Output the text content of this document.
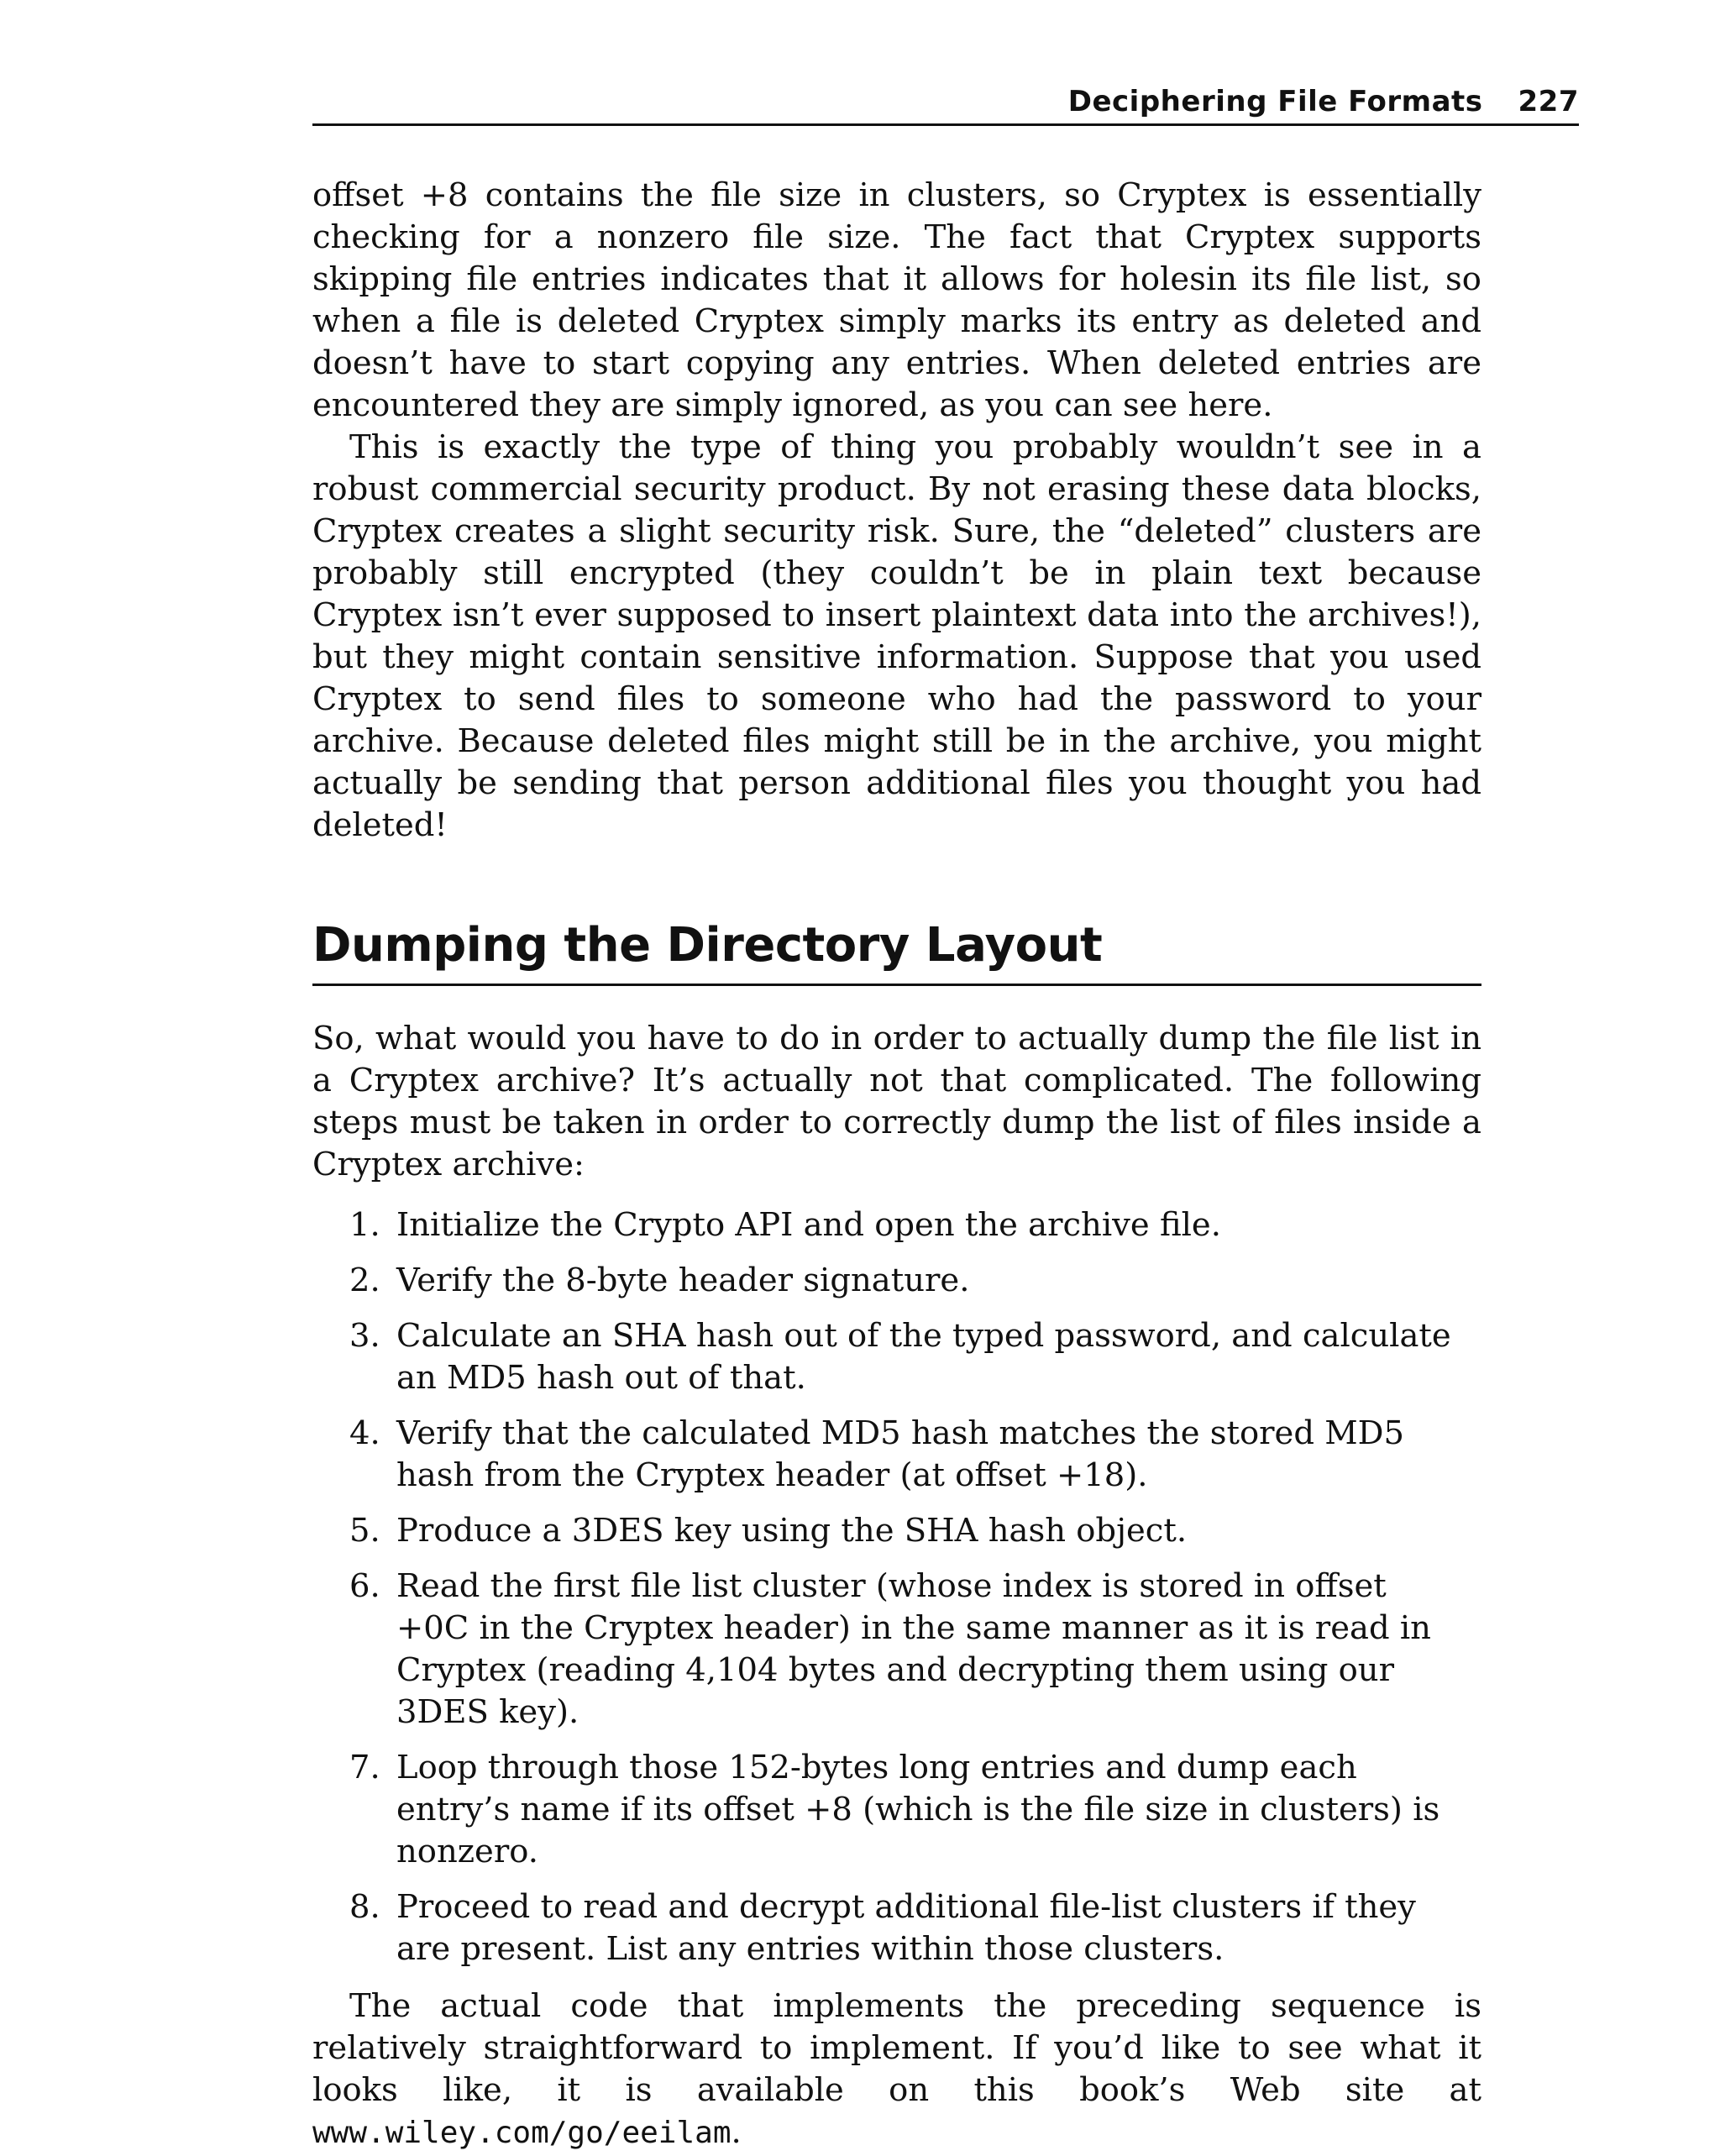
Deciphering File Formats 227

offset +8 contains the file size in clusters, so Cryptex is essentially checking for a nonzero file size. The fact that Cryptex supports skipping file entries indicates that it allows for holesin its file list, so when a file is deleted Cryptex simply marks its entry as deleted and doesn’t have to start copying any entries. When deleted entries are encountered they are simply ignored, as you can see here.

This is exactly the type of thing you probably wouldn’t see in a robust commercial security product. By not erasing these data blocks, Cryptex creates a slight security risk. Sure, the “deleted” clusters are probably still encrypted (they couldn’t be in plain text because Cryptex isn’t ever supposed to insert plaintext data into the archives!), but they might contain sensitive information. Suppose that you used Cryptex to send files to someone who had the password to your archive. Because deleted files might still be in the archive, you might actually be sending that person additional files you thought you had deleted!

Dumping the Directory Layout

So, what would you have to do in order to actually dump the file list in a Cryptex archive? It’s actually not that complicated. The following steps must be taken in order to correctly dump the list of files inside a Cryptex archive:

1. Initialize the Crypto API and open the archive file.
2. Verify the 8-byte header signature.
3. Calculate an SHA hash out of the typed password, and calculate an MD5 hash out of that.
4. Verify that the calculated MD5 hash matches the stored MD5 hash from the Cryptex header (at offset +18).
5. Produce a 3DES key using the SHA hash object.
6. Read the first file list cluster (whose index is stored in offset +0C in the Cryptex header) in the same manner as it is read in Cryptex (reading 4,104 bytes and decrypting them using our 3DES key).
7. Loop through those 152-bytes long entries and dump each entry’s name if its offset +8 (which is the file size in clusters) is nonzero.
8. Proceed to read and decrypt additional file-list clusters if they are present. List any entries within those clusters.

The actual code that implements the preceding sequence is relatively straightforward to implement. If you’d like to see what it looks like, it is available on this book’s Web site at www.wiley.com/go/eeilam.
